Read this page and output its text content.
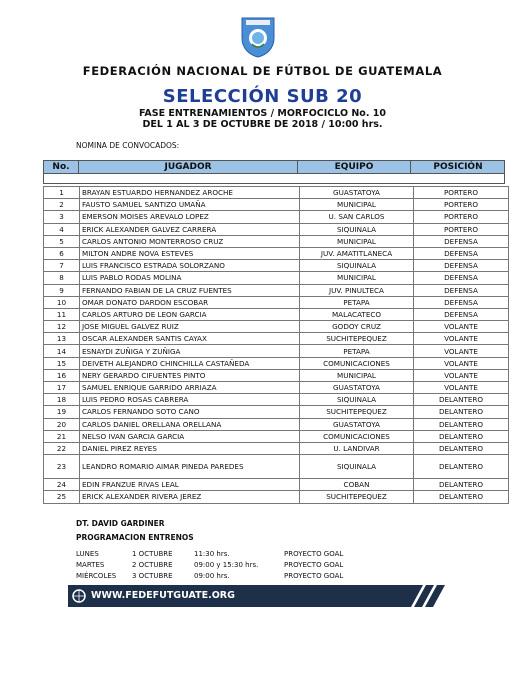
FEDERACIÓN NACIONAL DE FÚTBOL DE GUATEMALA
SELECCIÓN SUB 20
FASE ENTRENAMIENTOS / MORFOCICLO No. 10
DEL 1 AL 3 DE OCTUBRE DE 2018 / 10:00 hrs.
NOMINA DE CONVOCADOS:
No.	JUGADOR	EQUIPO	POSICIÓN
1	BRAYAN ESTUARDO HERNANDEZ AROCHE	GUASTATOYA	PORTERO
2	FAUSTO SAMUEL SANTIZO UMAÑA	MUNICIPAL	PORTERO
3	EMERSON MOISES AREVALO LOPEZ	U. SAN CARLOS	PORTERO
4	ERICK ALEXANDER GALVEZ CARRERA	SIQUINALA	PORTERO
5	CARLOS ANTONIO MONTERROSO CRUZ	MUNICIPAL	DEFENSA
6	MILTON ANDRE NOVA ESTEVES	JUV. AMATITLANECA	DEFENSA
7	LUIS FRANCISCO ESTRADA SOLORZANO	SIQUINALA	DEFENSA
8	LUIS PABLO RODAS MOLINA	MUNICIPAL	DEFENSA
9	FERNANDO FABIAN DE LA CRUZ FUENTES	JUV. PINULTECA	DEFENSA
10	OMAR DONATO DARDON ESCOBAR	PETAPA	DEFENSA
11	CARLOS ARTURO DE LEON GARCIA	MALACATECO	DEFENSA
12	JOSE MIGUEL GALVEZ RUIZ	GODOY CRUZ	VOLANTE
13	OSCAR ALEXANDER SANTIS CAYAX	SUCHITEPEQUEZ	VOLANTE
14	ESNAYDI ZUÑIGA Y ZUÑIGA	PETAPA	VOLANTE
15	DEIVETH ALEJANDRO CHINCHILLA CASTAÑEDA	COMUNICACIONES	VOLANTE
16	NERY GERARDO CIFUENTES PINTO	MUNICIPAL	VOLANTE
17	SAMUEL ENRIQUE GARRIDO ARRIAZA	GUASTATOYA	VOLANTE
18	LUIS PEDRO ROSAS CABRERA	SIQUINALA	DELANTERO
19	CARLOS FERNANDO SOTO CANO	SUCHITEPEQUEZ	DELANTERO
20	CARLOS DANIEL ORELLANA ORELLANA	GUASTATOYA	DELANTERO
21	NELSO IVAN GARCIA GARCIA	COMUNICACIONES	DELANTERO
22	DANIEL PIREZ REYES	U. LANDIVAR	DELANTERO
23	LEANDRO ROMARIO AIMAR PINEDA PAREDES	SIQUINALA	DELANTERO
24	EDIN FRANZUE RIVAS LEAL	COBAN	DELANTERO
25	ERICK ALEXANDER RIVERA JEREZ	SUCHITEPEQUEZ	DELANTERO
DT. DAVID GARDINER
PROGRAMACION ENTRENOS
LUNES	1 OCTUBRE	11:30 hrs.	PROYECTO GOAL
MARTES	2 OCTUBRE	09:00 y 15:30 hrs.	PROYECTO GOAL
MIÉRCOLES 3 OCTUBRE	09:00 hrs.	PROYECTO GOAL
WWW.FEDEFUTGUATE.ORG
